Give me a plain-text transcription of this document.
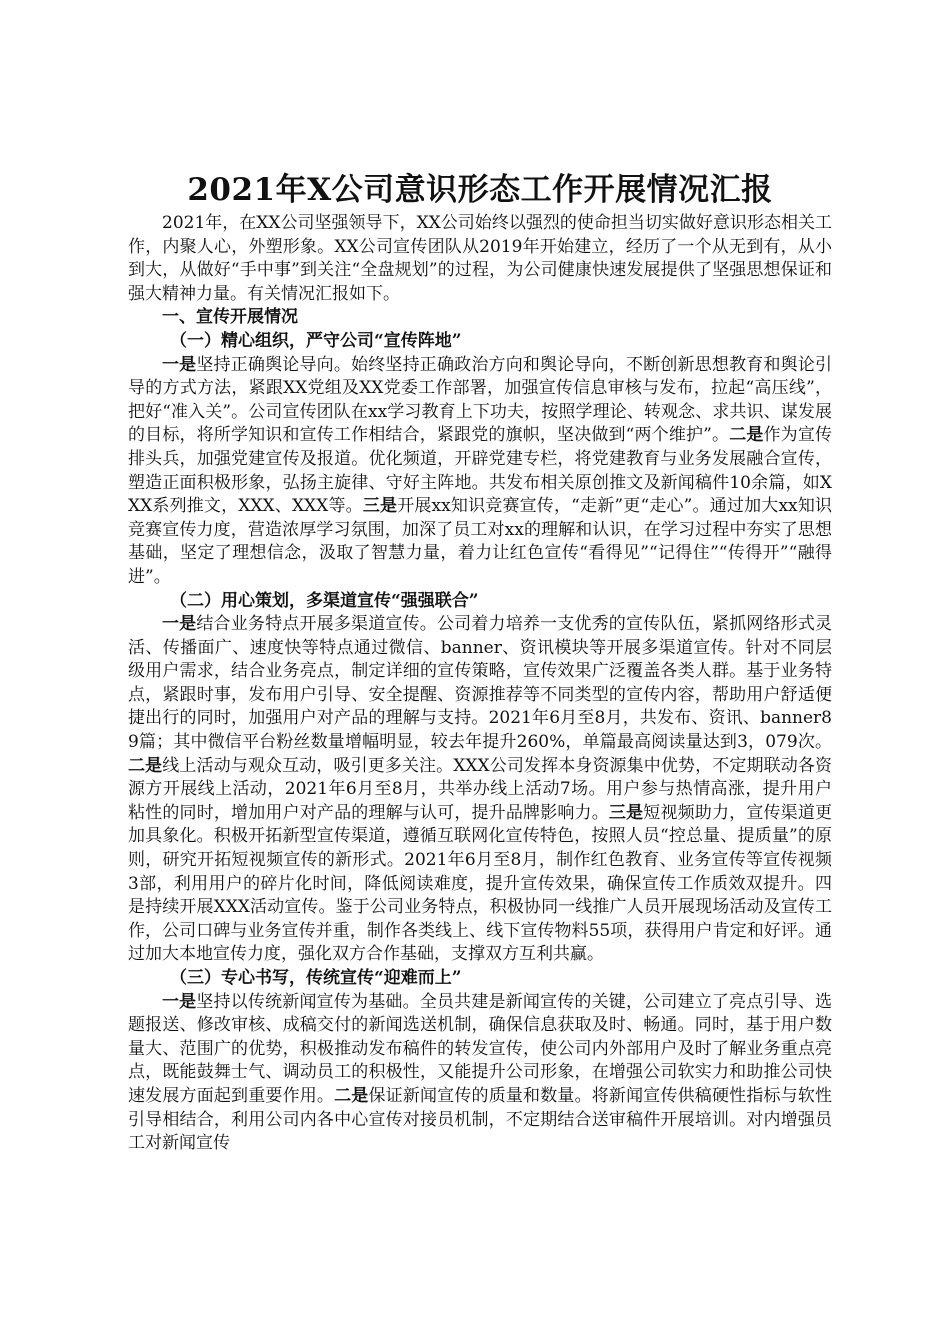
2021年X公司意识形态工作开展情况汇报

2021年，在XX公司坚强领导下，XX公司始终以强烈的使命担当切实做好意识形态相关工作，内聚人心，外塑形象。XX公司宣传团队从2019年开始建立，经历了一个从无到有，从小到大，从做好“手中事”到关注“全盘规划”的过程，为公司健康快速发展提供了坚强思想保证和强大精神力量。有关情况汇报如下。

一、宣传开展情况

（一）精心组织，严守公司“宣传阵地”

一是坚持正确舆论导向。始终坚持正确政治方向和舆论导向，不断创新思想教育和舆论引导的方式方法，紧跟XX党组及XX党委工作部署，加强宣传信息审核与发布，拉起“高压线”，把好“准入关”。公司宣传团队在xx学习教育上下功夫，按照学理论、转观念、求共识、谋发展的目标，将所学知识和宣传工作相结合，紧跟党的旗帜，坚决做到“两个维护”。二是作为宣传排头兵，加强党建宣传及报道。优化频道，开辟党建专栏，将党建教育与业务发展融合宣传，塑造正面积极形象，弘扬主旋律、守好主阵地。共发布相关原创推文及新闻稿件10余篇，如XXX系列推文，XXX、XXX等。三是开展xx知识竞赛宣传，“走新”更“走心”。通过加大xx知识竞赛宣传力度，营造浓厚学习氛围，加深了员工对xx的理解和认识，在学习过程中夯实了思想基础，坚定了理想信念，汲取了智慧力量，着力让红色宣传“看得见”“记得住”“传得开”“融得进”。

（二）用心策划，多渠道宣传“强强联合”

一是结合业务特点开展多渠道宣传。公司着力培养一支优秀的宣传队伍，紧抓网络形式灵活、传播面广、速度快等特点通过微信、banner、资讯模块等开展多渠道宣传。针对不同层级用户需求，结合业务亮点，制定详细的宣传策略，宣传效果广泛覆盖各类人群。基于业务特点，紧跟时事，发布用户引导、安全提醒、资源推荐等不同类型的宣传内容，帮助用户舒适便捷出行的同时，加强用户对产品的理解与支持。2021年6月至8月，共发布、资讯、banner89篇；其中微信平台粉丝数量增幅明显，较去年提升260%，单篇最高阅读量达到3，079次。二是线上活动与观众互动，吸引更多关注。XXX公司发挥本身资源集中优势，不定期联动各资源方开展线上活动，2021年6月至8月，共举办线上活动7场。用户参与热情高涨，提升用户粘性的同时，增加用户对产品的理解与认可，提升品牌影响力。三是短视频助力，宣传渠道更加具象化。积极开拓新型宣传渠道，遵循互联网化宣传特色，按照人员“控总量、提质量”的原则，研究开拓短视频宣传的新形式。2021年6月至8月，制作红色教育、业务宣传等宣传视频3部，利用用户的碎片化时间，降低阅读难度，提升宣传效果，确保宣传工作质效双提升。四是持续开展XXX活动宣传。鉴于公司业务特点，积极协同一线推广人员开展现场活动及宣传工作，公司口碑与业务宣传并重，制作各类线上、线下宣传物料55项，获得用户肯定和好评。通过加大本地宣传力度，强化双方合作基础，支撑双方互利共赢。

（三）专心书写，传统宣传“迎难而上”

一是坚持以传统新闻宣传为基础。全员共建是新闻宣传的关键，公司建立了亮点引导、选题报送、修改审核、成稿交付的新闻选送机制，确保信息获取及时、畅通。同时，基于用户数量大、范围广的优势，积极推动发布稿件的转发宣传，使公司内外部用户及时了解业务重点亮点，既能鼓舞士气、调动员工的积极性，又能提升公司形象，在增强公司软实力和助推公司快速发展方面起到重要作用。二是保证新闻宣传的质量和数量。将新闻宣传供稿硬性指标与软性引导相结合，利用公司内各中心宣传对接员机制，不定期结合送审稿件开展培训。对内增强员工对新闻宣传
